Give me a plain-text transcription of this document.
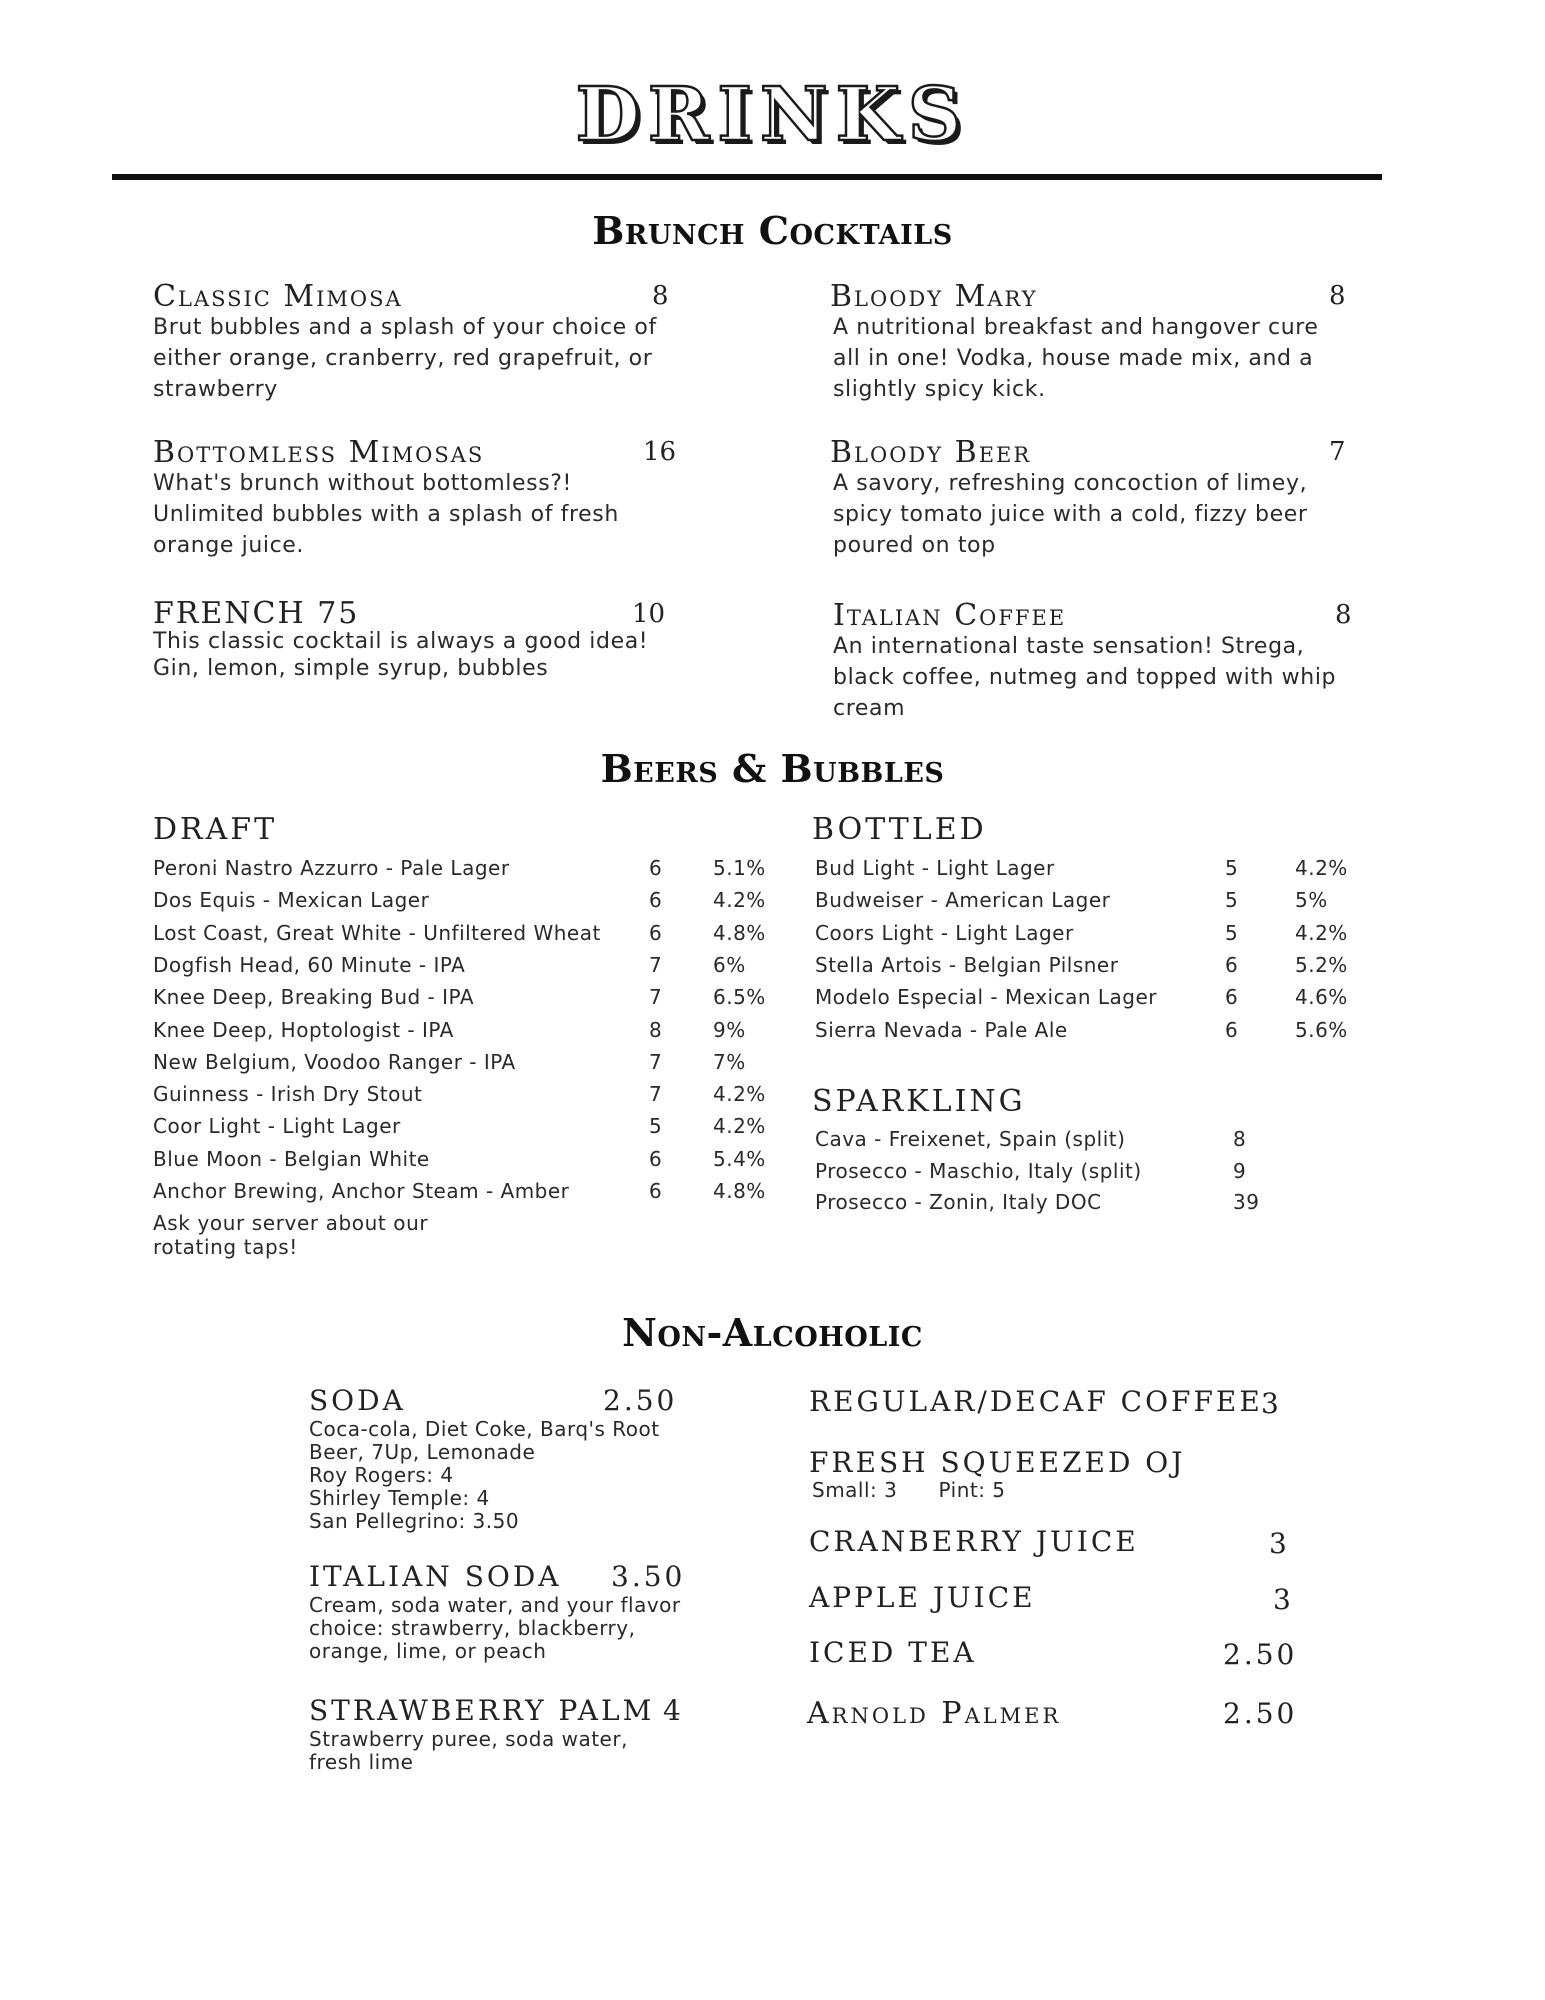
DRINKS
Brunch Cocktails
Classic Mimosa	8
Brut bubbles and a splash of your choice of either orange, cranberry, red grapefruit, or strawberry
Bottomless Mimosas	16
What's brunch without bottomless?! Unlimited bubbles with a splash of fresh orange juice.
FRENCH 75	10
This classic cocktail is always a good idea! Gin, lemon, simple syrup, bubbles
Bloody Mary	8
A nutritional breakfast and hangover cure all in one! Vodka, house made mix, and a slightly spicy kick.
Bloody Beer	7
A savory, refreshing concoction of limey, spicy tomato juice with a cold, fizzy beer poured on top
Italian Coffee	8
An international taste sensation! Strega, black coffee, nutmeg and topped with whip cream
Beers & Bubbles
DRAFT
Peroni Nastro Azzurro - Pale Lager	6	5.1%
Dos Equis - Mexican Lager	6	4.2%
Lost Coast, Great White - Unfiltered Wheat 6	4.8%
Dogfish Head, 60 Minute - IPA	7	6%
Knee Deep, Breaking Bud - IPA	7	6.5%
Knee Deep, Hoptologist - IPA	8	9%
New Belgium, Voodoo Ranger - IPA	7	7%
Guinness - Irish Dry Stout	7	4.2%
Coor Light - Light Lager	5	4.2%
Blue Moon - Belgian White	6	5.4%
Anchor Brewing, Anchor Steam - Amber	6	4.8%
Ask your server about our rotating taps!
BOTTLED
Bud Light - Light Lager	5	4.2%
Budweiser - American Lager	5	5%
Coors Light - Light Lager	5	4.2%
Stella Artois - Belgian Pilsner	6	5.2%
Modelo Especial - Mexican Lager	6	4.6%
Sierra Nevada - Pale Ale	6	5.6%
SPARKLING
Cava - Freixenet, Spain (split)	8
Prosecco - Maschio, Italy (split)	9
Prosecco - Zonin, Italy DOC	39
Non-Alcoholic
SODA	2.50
Coca-cola, Diet Coke, Barq's Root
Beer, 7Up, Lemonade
Roy Rogers: 4
Shirley Temple: 4
San Pellegrino: 3.50
ITALIAN SODA 3.50
Cream, soda water, and your flavor
choice: strawberry, blackberry,
orange, lime, or peach
STRAWBERRY PALM 4
Strawberry puree, soda water,
fresh lime
REGULAR/DECAF COFFEE
3
FRESH SQUEEZED OJ
Small: 3      Pint: 5
CRANBERRY JUICE	3
APPLE JUICE	3
ICED TEA	2.50
Arnold Palmer	2.50
